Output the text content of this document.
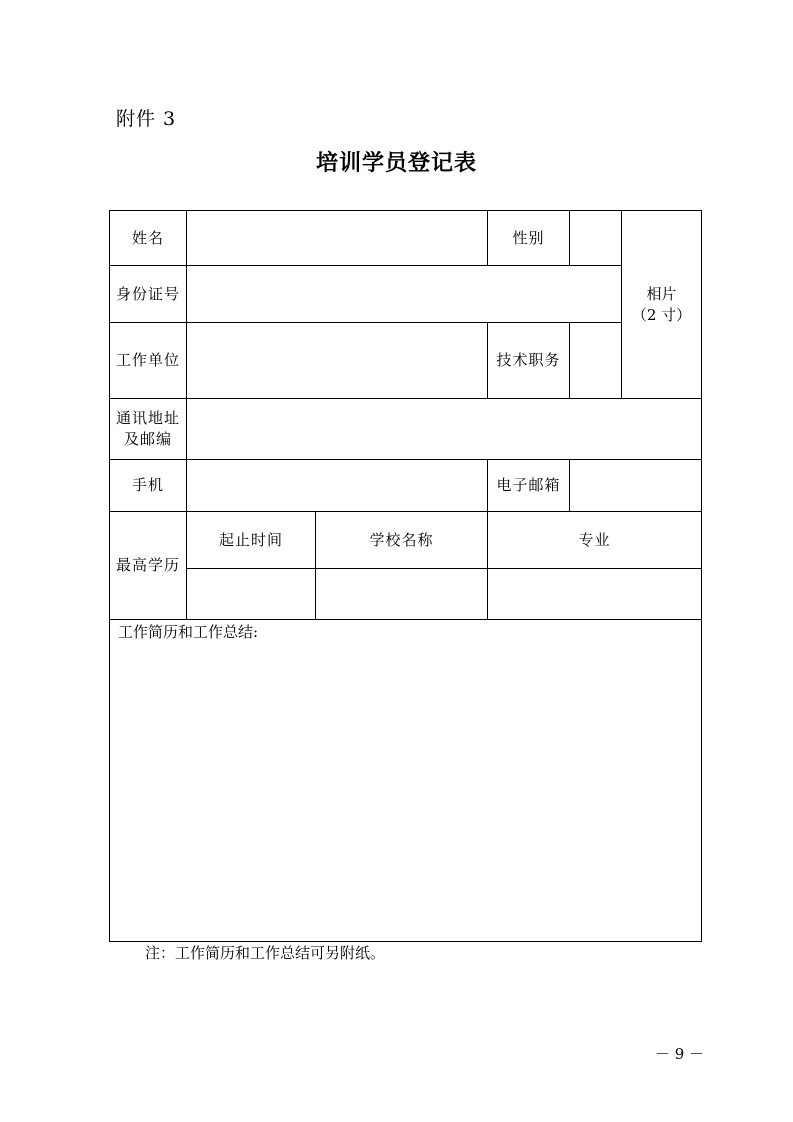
附件 3
培训学员登记表
姓名			性别		相片
（2 寸）
身份证号					
工作单位			技术职务		
通讯地址
及邮编					
手机			电子邮箱		
最高学历	起止时间	学校名称	专业		

工作简历和工作总结:					
注：工作简历和工作总结可另附纸。
－ 9 －
